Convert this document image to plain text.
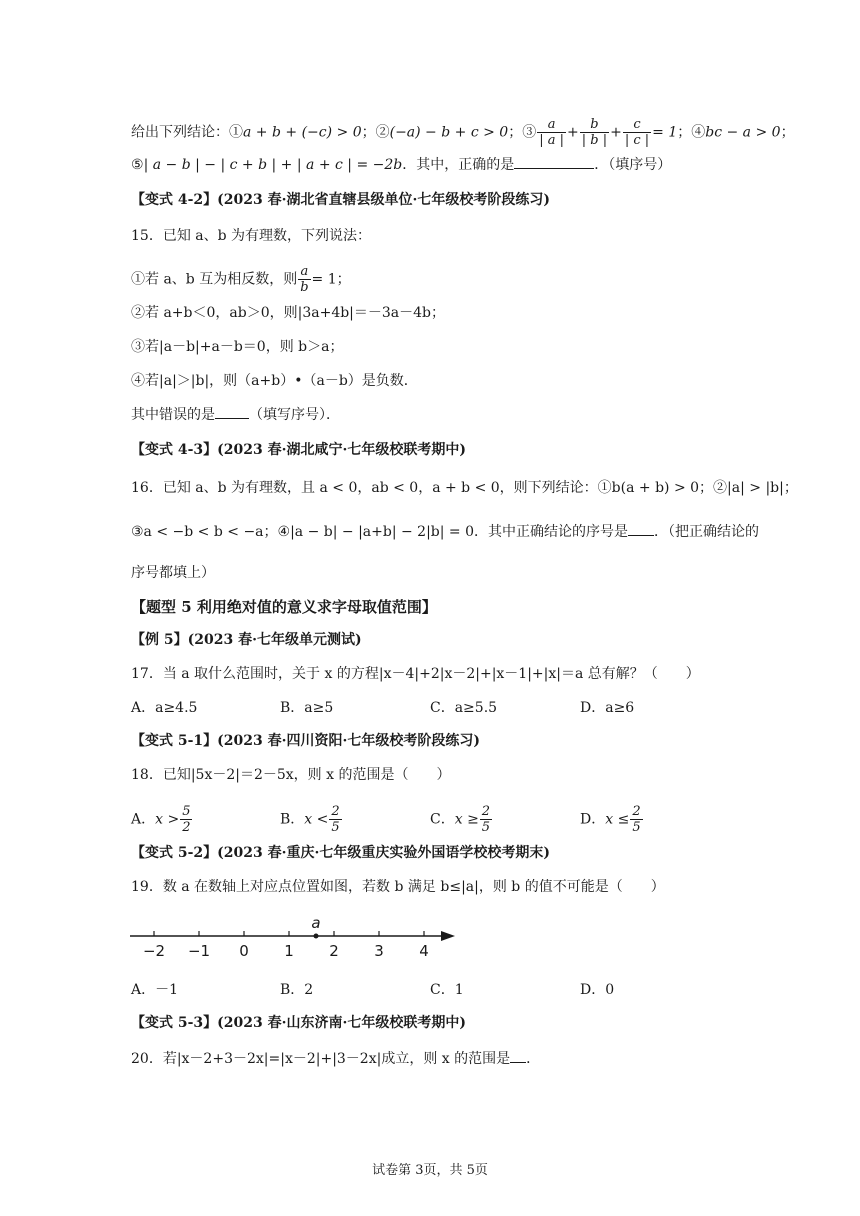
给出下列结论：①a + b + (−c) > 0；②(−a) − b + c > 0；③ $\frac{a}{| a |} + \frac{b}{| b |} + \frac{c}{| c |} = 1$；④bc − a > 0；
⑤| a − b | − | c + b | + | a + c | = −2b．其中，正确的是	．（填序号）
【变式 4-2】(2023 春·湖北省直辖县级单位·七年级校考阶段练习)
15．已知 a、b 为有理数，下列说法：
①若 a、b 互为相反数，则 $\frac{a}{b} = 1$；
②若 a+b＜0，ab＞0，则|3a+4b|＝－3a－4b；
③若|a－b|+a－b＝0，则 b＞a；
④若|a|＞|b|，则（a+b）•（a－b）是负数．
其中错误的是 （填写序号）．
【变式 4-3】(2023 春·湖北咸宁·七年级校联考期中)
16．已知 a、b 为有理数，且 a < 0，ab < 0，a + b < 0，则下列结论：①b(a + b) > 0；②|a| > |b|；
③a < −b < b < −a；④|a − b| − |a+b| − 2|b| = 0．其中正确结论的序号是 ．（把正确结论的
序号都填上）
【题型 5 利用绝对值的意义求字母取值范围】
【例 5】(2023 春·七年级单元测试)
17．当 a 取什么范围时，关于 x 的方程|x－4|+2|x－2|+|x－1|+|x|＝a 总有解？（　　）
A．a≥4.5	B．a≥5	C．a≥5.5	D．a≥6
【变式 5-1】(2023 春·四川资阳·七年级校考阶段练习)
18．已知|5x－2|＝2－5x，则 x 的范围是（　　）
A．$x > \frac{5}{2}$	B．$x < \frac{2}{5}$	C．$x \ge \frac{2}{5}$	D．$x \le \frac{2}{5}$
【变式 5-2】(2023 春·重庆·七年级重庆实验外国语学校校考期末)
19．数 a 在数轴上对应点位置如图，若数 b 满足 b≤|a|，则 b 的值不可能是（　　）
−2 −1 0 1 2 3 4
a
A．－1	B．2	C．1	D．0
【变式 5-3】(2023 春·山东济南·七年级校联考期中)
20．若|x－2+3－2x|=|x－2|+|3－2x|成立，则 x 的范围是 ．
试卷第 3页，共 5页
